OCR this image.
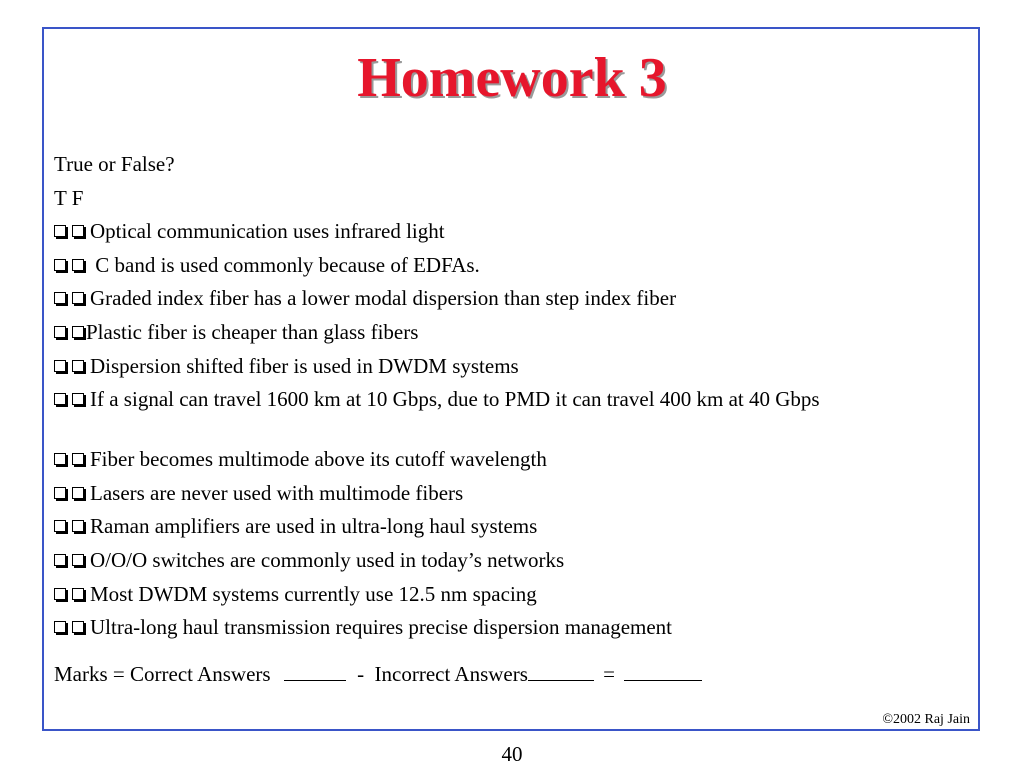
Homework 3
True or False?
T F
Optical communication uses infrared light
C band is used commonly because of EDFAs.
Graded index fiber has a lower modal dispersion than step index fiber
Plastic fiber is cheaper than glass fibers
Dispersion shifted fiber is used in DWDM systems
If a signal can travel 1600 km at 10 Gbps, due to PMD it can travel 400 km at 40 Gbps
Fiber becomes multimode above its cutoff wavelength
Lasers are never used with multimode fibers
Raman amplifiers are used in ultra-long haul systems
O/O/O switches are commonly used in today’s networks
Most DWDM systems currently use 12.5 nm spacing
Ultra-long haul transmission requires precise dispersion management
Marks = Correct Answers	-  Incorrect Answers	=
©2002 Raj Jain
40
